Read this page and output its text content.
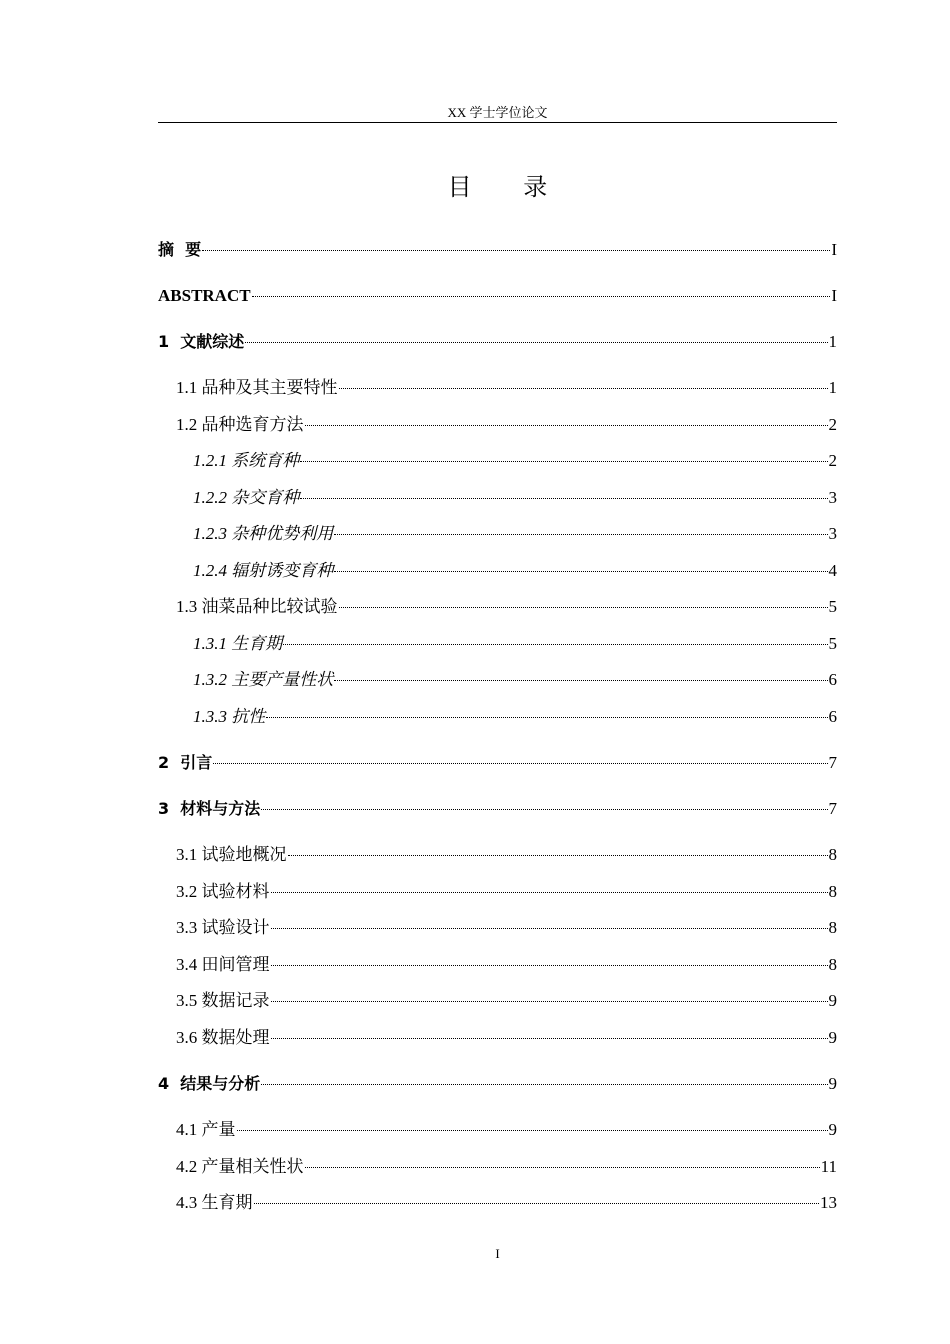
XX 学士学位论文
目 录
摘  要	I
ABSTRACT	I
1  文献综述	1
1.1 品种及其主要特性	1
1.2 品种选育方法	2
1.2.1 系统育种	2
1.2.2 杂交育种	3
1.2.3 杂种优势利用	3
1.2.4 辐射诱变育种	4
1.3 油菜品种比较试验	5
1.3.1 生育期	5
1.3.2 主要产量性状	6
1.3.3 抗性	6
2  引言	7
3  材料与方法	7
3.1 试验地概况	8
3.2 试验材料	8
3.3 试验设计	8
3.4 田间管理	8
3.5 数据记录	9
3.6 数据处理	9
4  结果与分析	9
4.1 产量	9
4.2 产量相关性状	11
4.3 生育期	13
I
